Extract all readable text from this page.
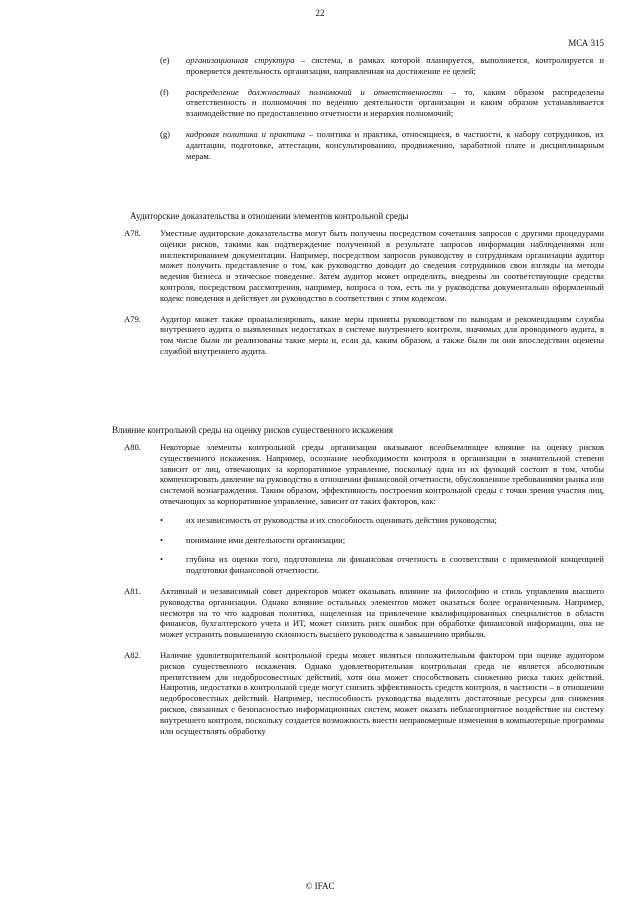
22
МСА 315
(e) организационная структура – система, в рамках которой планируется, выполняется, контролируется и проверяется деятельность организации, направленная на достижение ее целей;
(f) распределение должностных полномочий и ответственности – то, каким образом распределены ответственность и полномочия по ведению деятельности организации и каким образом устанавливается взаимодействие по предоставлению отчетности и иерархия полномочий;
(g) кадровая политика и практика – политика и практика, относящиеся, в частности, к набору сотрудников, их адаптации, подготовке, аттестации, консультированию, продвижению, заработной плате и дисциплинарным мерам.
Аудиторские доказательства в отношении элементов контрольной среды
A78. Уместные аудиторские доказательства могут быть получены посредством сочетания запросов с другими процедурами оценки рисков, такими как подтверждение полученной в результате запросов информации наблюдениями или инспектированием документации. Например, посредством запросов руководству и сотрудникам организации аудитор может получить представление о том, как руководство доводит до сведения сотрудников свои взгляды на методы ведения бизнеса и этическое поведение. Затем аудитор может определить, внедрены ли соответствующие средства контроля, посредством рассмотрения, например, вопроса о том, есть ли у руководства документально оформленный кодекс поведения и действует ли руководство в соответствии с этим кодексом.
A79. Аудитор может также проанализировать, какие меры приняты руководством по выводам и рекомендациям службы внутреннего аудита о выявленных недостатках в системе внутреннего контроля, значимых для проводимого аудита, в том числе были ли реализованы такие меры и, если да, каким образом, а также были ли они впоследствии оценены службой внутреннего аудита.
Влияние контрольной среды на оценку рисков существенного искажения
A80. Некоторые элементы контрольной среды организации оказывают всеобъемлющее влияние на оценку рисков существенного искажения. Например, осознание необходимости контроля в организации в значительной степени зависит от лиц, отвечающих за корпоративное управление, поскольку одна из их функций состоит в том, чтобы компенсировать давление на руководство в отношении финансовой отчетности, обусловленное требованиями рынка или системой вознаграждения. Таким образом, эффективность построения контрольной среды с точки зрения участия лиц, отвечающих за корпоративное управление, зависит от таких факторов, как:
•	их независимость от руководства и их способность оценивать действия руководства;
•	понимание ими деятельности организации;
•	глубина их оценки того, подготовлена ли финансовая отчетность в соответствии с применимой концепцией подготовки финансовой отчетности.
A81. Активный и независимый совет директоров может оказывать влияние на философию и стиль управления высшего руководства организации. Однако влияние остальных элементов может оказаться более ограниченным. Например, несмотря на то что кадровая политика, нацеленная на привлечение квалифицированных специалистов в области финансов, бухгалтерского учета и ИТ, может снизить риск ошибок при обработке финансовой информации, она не может устранить повышенную склонность высшего руководства к завышению прибыли.
A82. Наличие удовлетворительной контрольной среды может являться положительным фактором при оценке аудитором рисков существенного искажения. Однако удовлетворительная контрольная среда не является абсолютным препятствием для недобросовестных действий, хотя она может способствовать снижению риска таких действий. Напротив, недостатки в контрольной среде могут снизить эффективность средств контроля, в частности – в отношении недобросовестных действий. Например, неспособность руководства выделить достаточные ресурсы для снижения рисков, связанных с безопасностью информационных систем, может оказать неблагоприятное воздействие на систему внутреннего контроля, поскольку создается возможность внести неправомерные изменения в компьютерные программы или осуществлять обработку
© IFAC
